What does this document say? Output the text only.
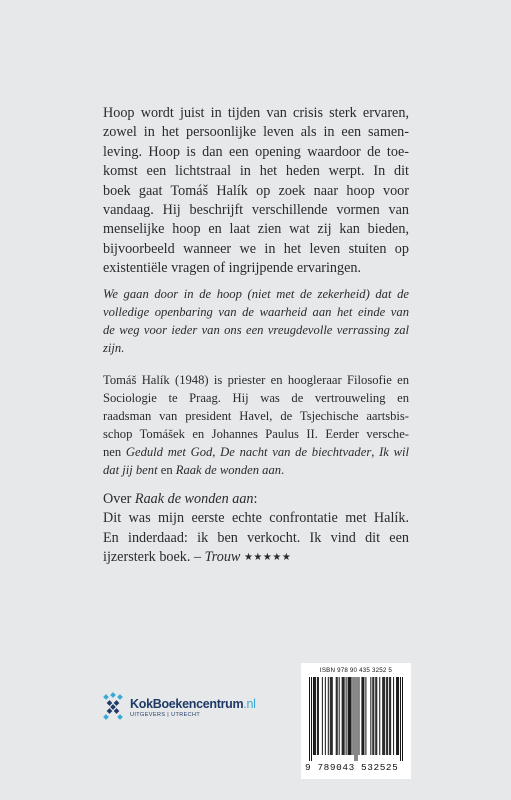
Hoop wordt juist in tijden van crisis sterk ervaren,
zowel in het persoonlijke leven als in een samen-
leving. Hoop is dan een opening waardoor de toe-
komst een lichtstraal in het heden werpt. In dit
boek gaat Tomáš Halík op zoek naar hoop voor
vandaag. Hij beschrijft verschillende vormen van
menselijke hoop en laat zien wat zij kan bieden,
bijvoorbeeld wanneer we in het leven stuiten op
existentiële vragen of ingrijpende ervaringen.
We gaan door in de hoop (niet met de zekerheid) dat de
volledige openbaring van de waarheid aan het einde van
de weg voor ieder van ons een vreugdevolle verrassing zal
zijn.
Tomáš Halík (1948) is priester en hoogleraar Filosofie en
Sociologie te Praag. Hij was de vertrouweling en
raadsman van president Havel, de Tsjechische aartsbis-
schop Tomášek en Johannes Paulus II. Eerder versche-
nen Geduld met God, De nacht van de biechtvader, Ik wil
dat jij bent en Raak de wonden aan.
Over Raak de wonden aan:
Dit was mijn eerste echte confrontatie met Halík.
En inderdaad: ik ben verkocht. Ik vind dit een
ijzersterk boek. – Trouw ★★★★★
KokBoekencentrum.nl
UITGEVERS | UTRECHT
ISBN 978 90 435 3252 5
9 789043 532525
